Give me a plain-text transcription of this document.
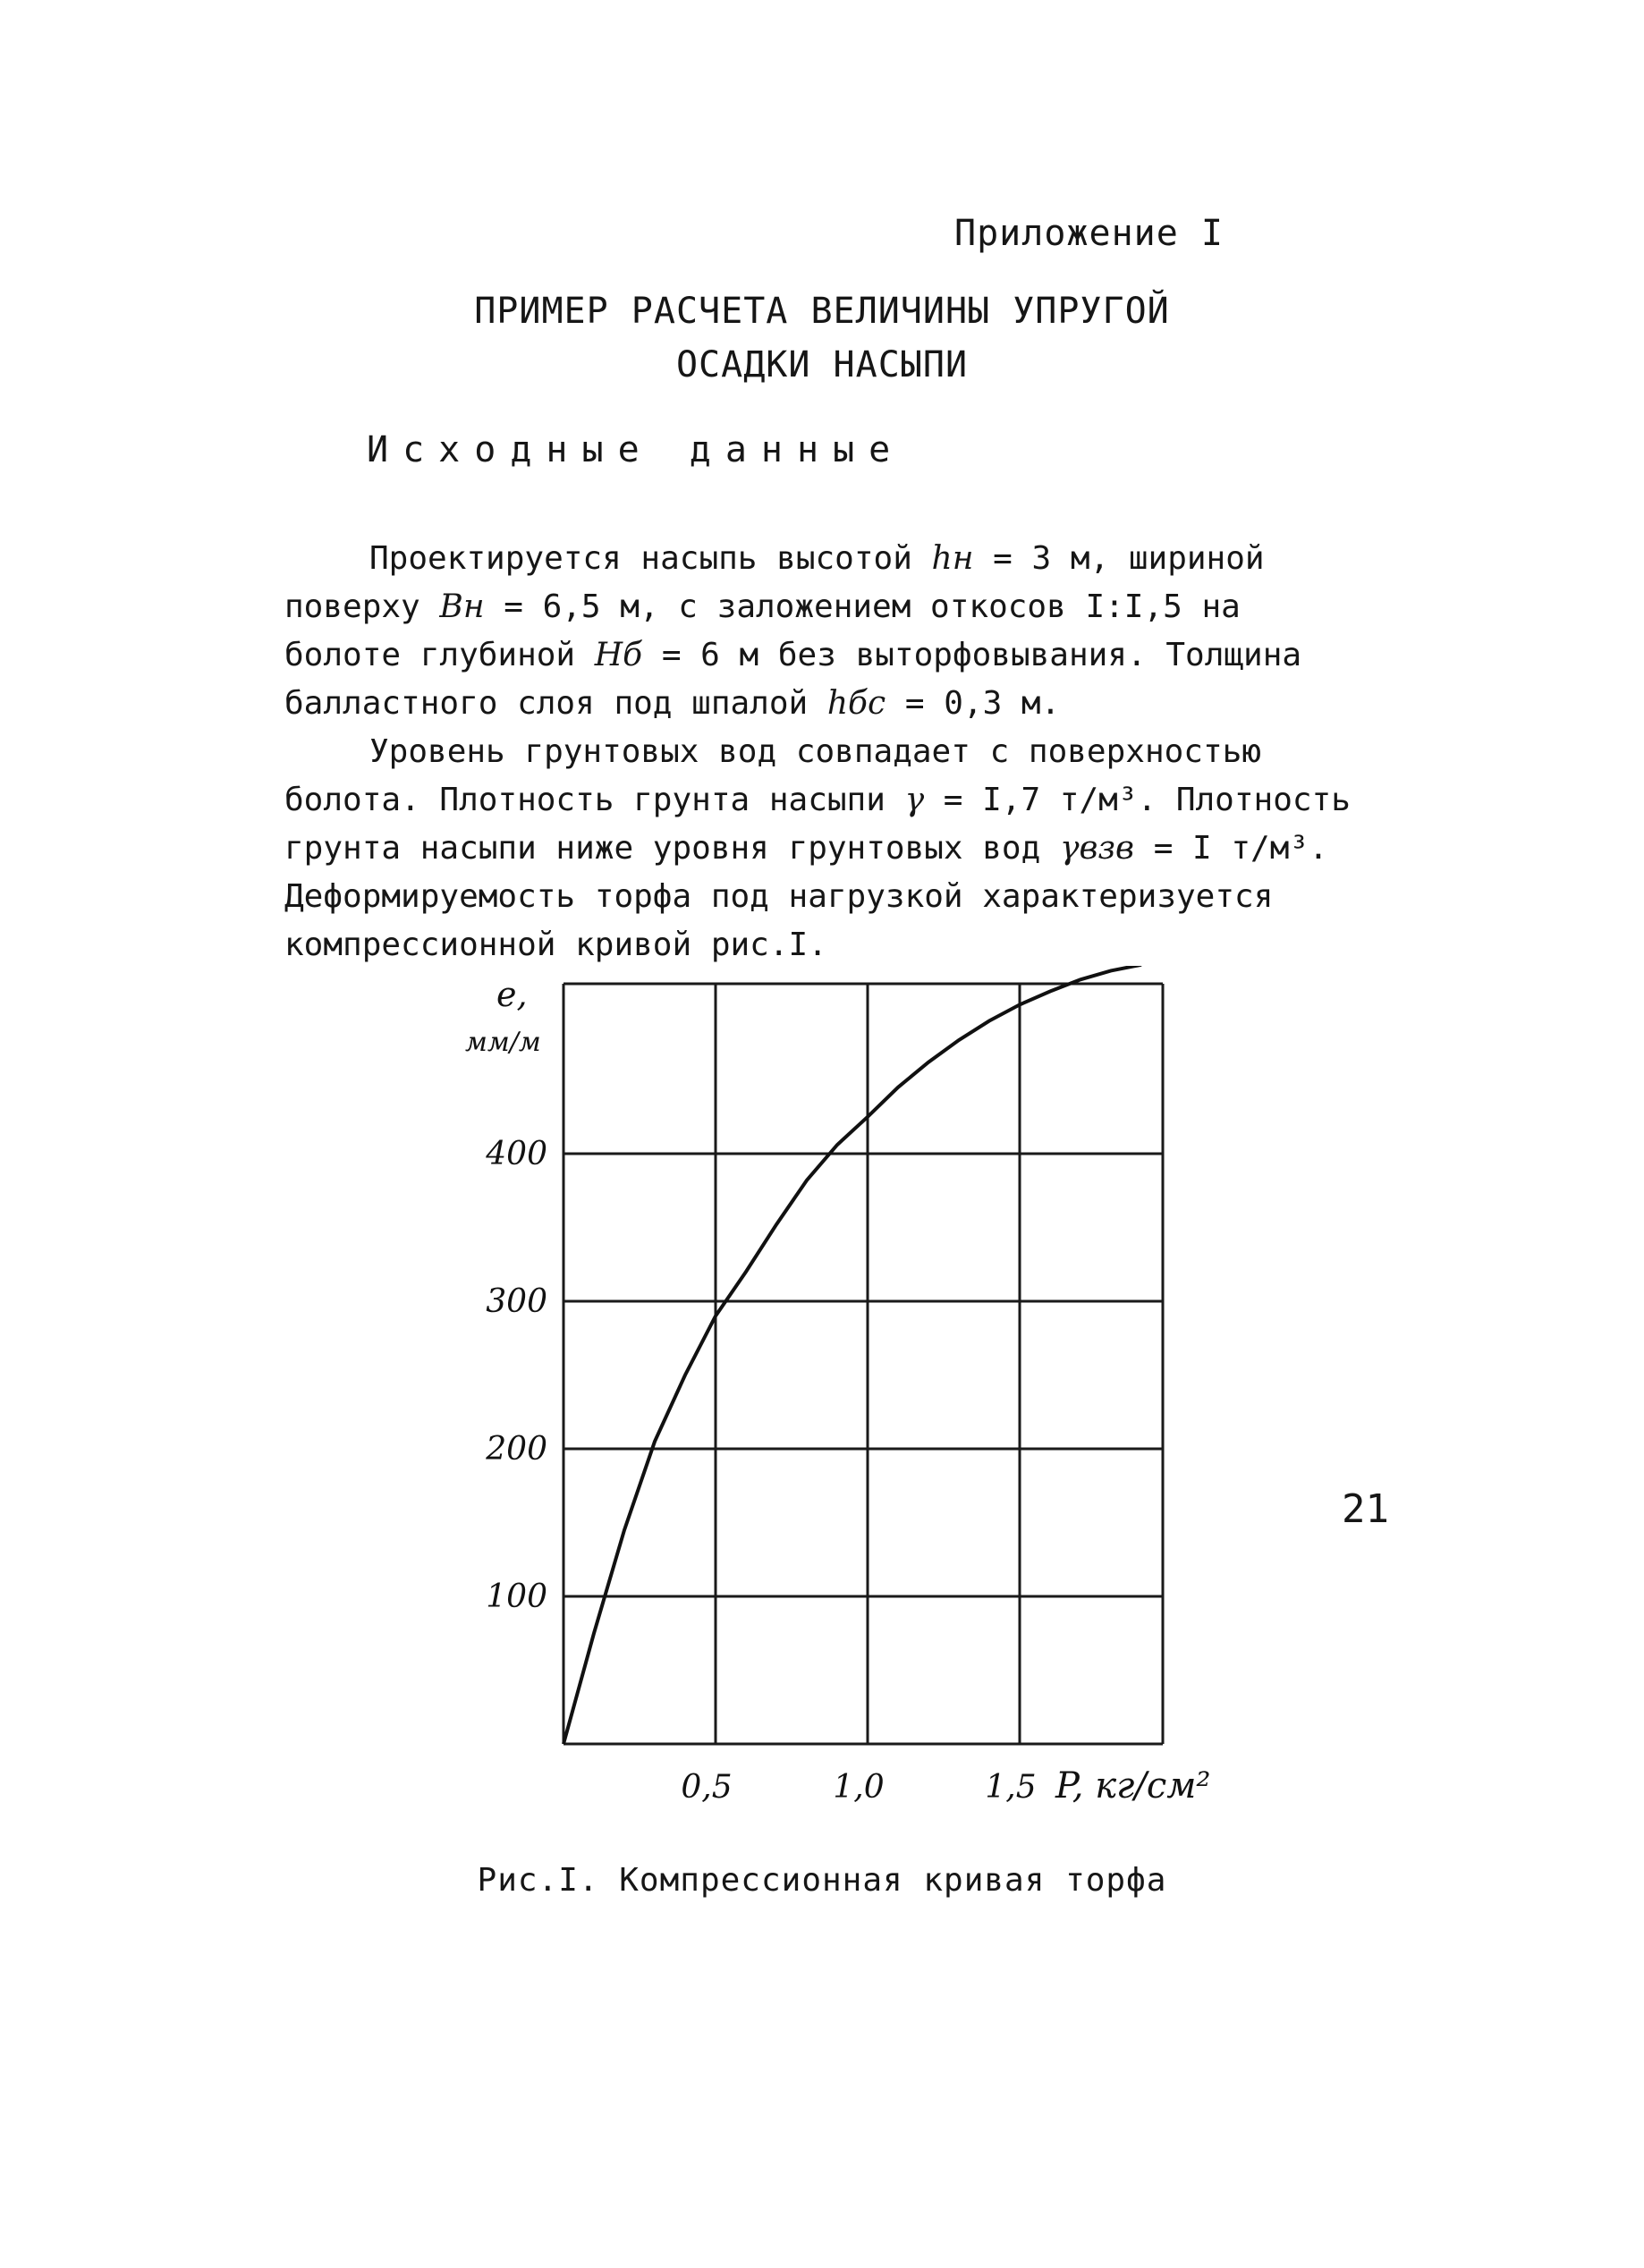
Приложение I
ПРИМЕР РАСЧЕТА ВЕЛИЧИНЫ УПРУГОЙ
ОСАДКИ НАСЫПИ
Исходные данные

Проектируется насыпь высотой hн = 3 м, шириной поверху Bн = 6,5 м, с заложением откосов I:I,5 на болоте глубиной Hб = 6 м без выторфовывания. Толщина балластного слоя под шпалой hбс = 0,3 м.

Уровень грунтовых вод совпадает с поверхностью болота. Плотность грунта насыпи γ = I,7 т/м³. Плотность грунта насыпи ниже уровня грунтовых вод γвзв = I т/м³. Деформируемость торфа под нагрузкой характеризуется компрессионной кривой рис.I.

е,
мм/м
P, кг/см²
100
200
300
400
0,5	1,0	1,5
Рис.I. Компрессионная кривая торфа
21
